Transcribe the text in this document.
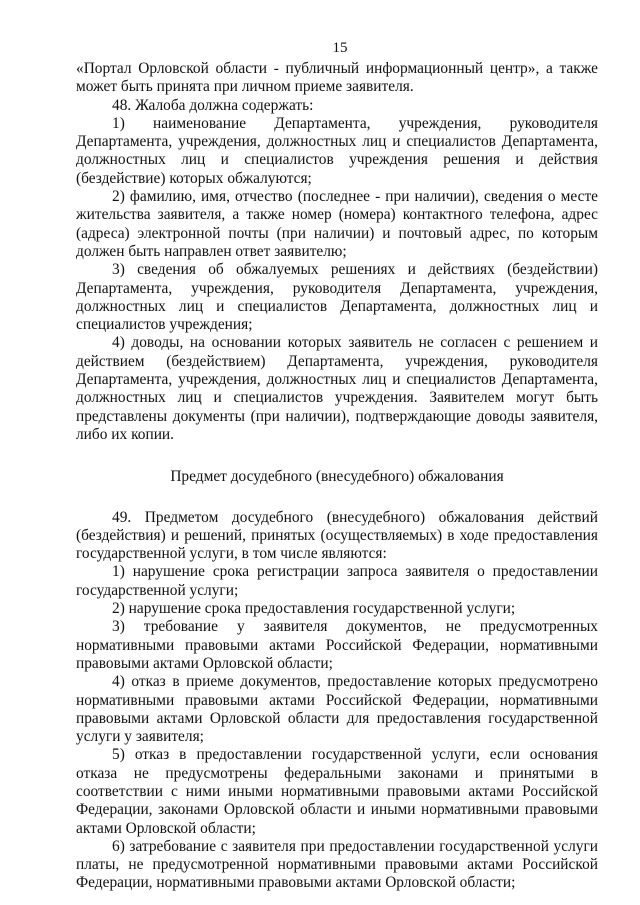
15

«Портал Орловской области - публичный информационный центр», а также может быть принята при личном приеме заявителя.

48. Жалоба должна содержать:

1) наименование Департамента, учреждения, руководителя Департамента, учреждения, должностных лиц и специалистов Департамента, должностных лиц и специалистов учреждения решения и действия (бездействие) которых обжалуются;

2) фамилию, имя, отчество (последнее - при наличии), сведения о месте жительства заявителя, а также номер (номера) контактного телефона, адрес (адреса) электронной почты (при наличии) и почтовый адрес, по которым должен быть направлен ответ заявителю;

3) сведения об обжалуемых решениях и действиях (бездействии) Департамента, учреждения, руководителя Департамента, учреждения, должностных лиц и специалистов Департамента, должностных лиц и специалистов учреждения;

4) доводы, на основании которых заявитель не согласен с решением и действием (бездействием) Департамента, учреждения, руководителя Департамента, учреждения, должностных лиц и специалистов Департамента, должностных лиц и специалистов учреждения. Заявителем могут быть представлены документы (при наличии), подтверждающие доводы заявителя, либо их копии.

Предмет досудебного (внесудебного) обжалования

49. Предметом досудебного (внесудебного) обжалования действий (бездействия) и решений, принятых (осуществляемых) в ходе предоставления государственной услуги, в том числе являются:

1) нарушение срока регистрации запроса заявителя о предоставлении государственной услуги;

2) нарушение срока предоставления государственной услуги;

3) требование у заявителя документов, не предусмотренных нормативными правовыми актами Российской Федерации, нормативными правовыми актами Орловской области;

4) отказ в приеме документов, предоставление которых предусмотрено нормативными правовыми актами Российской Федерации, нормативными правовыми актами Орловской области для предоставления государственной услуги у заявителя;

5) отказ в предоставлении государственной услуги, если основания отказа не предусмотрены федеральными законами и принятыми в соответствии с ними иными нормативными правовыми актами Российской Федерации, законами Орловской области и иными нормативными правовыми актами Орловской области;

6) затребование с заявителя при предоставлении государственной услуги платы, не предусмотренной нормативными правовыми актами Российской Федерации, нормативными правовыми актами Орловской области;
